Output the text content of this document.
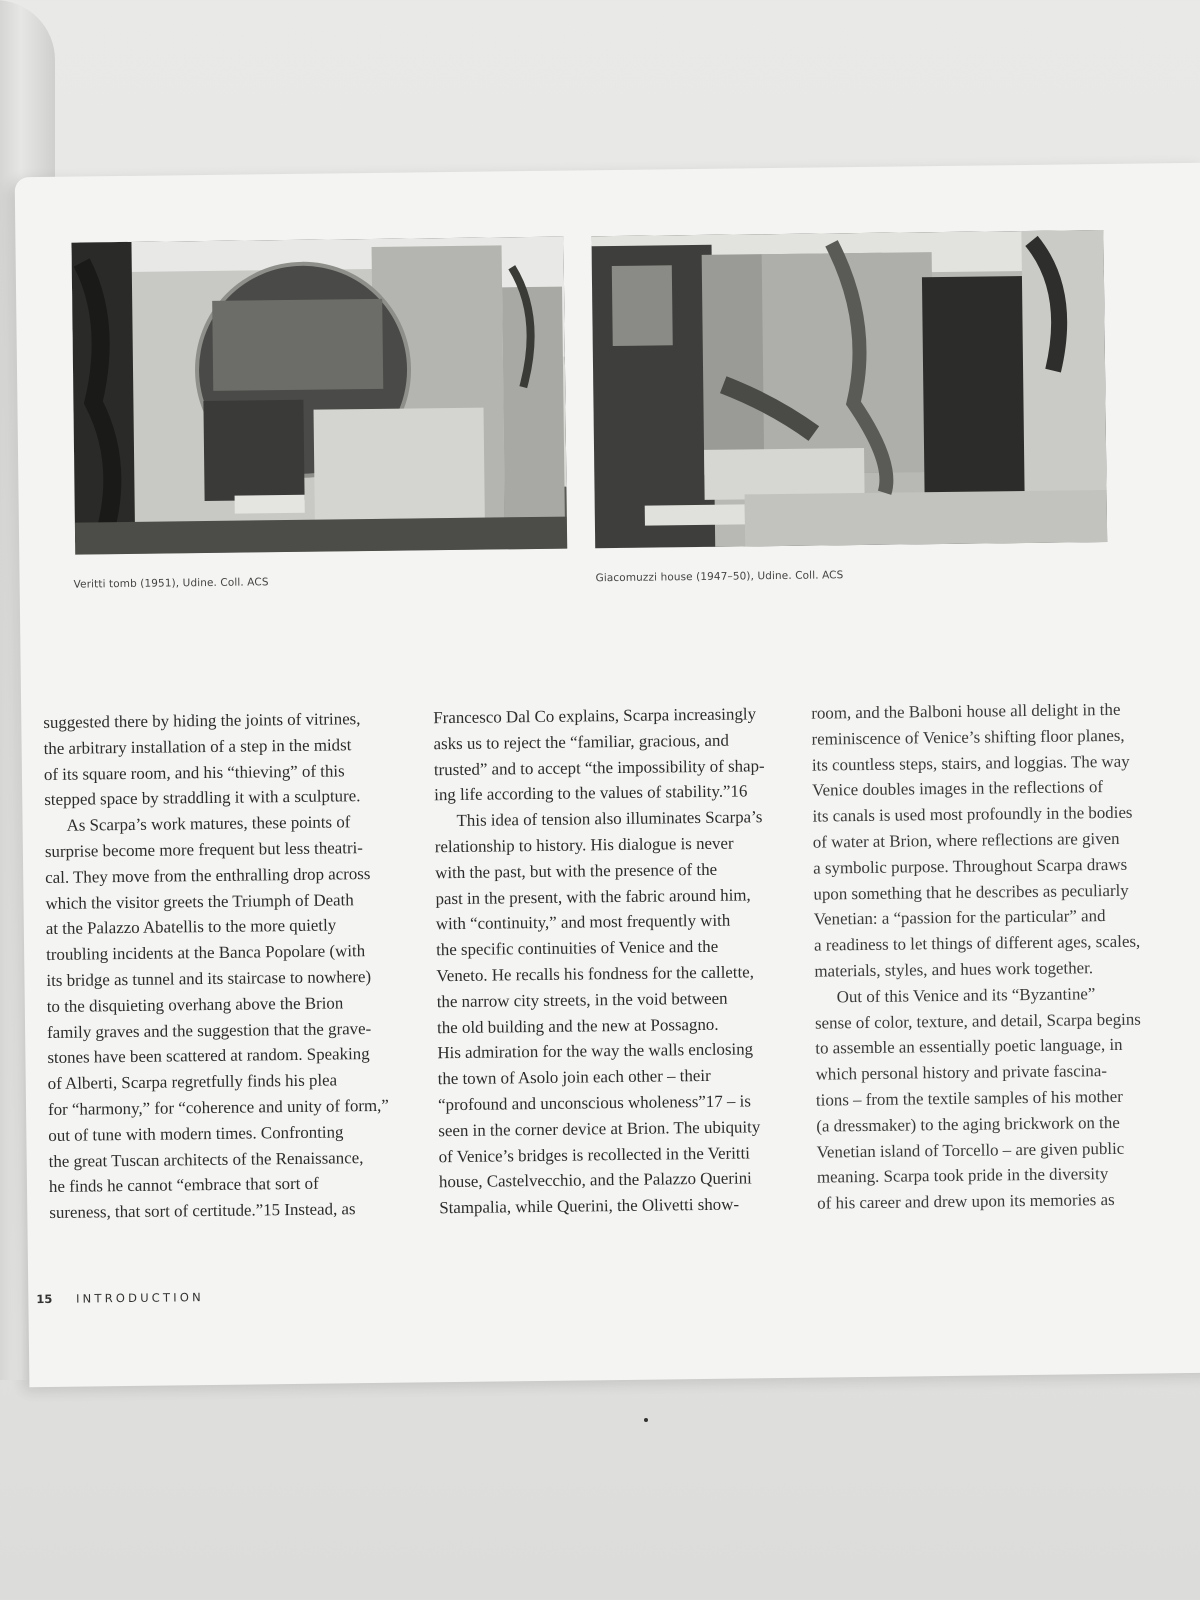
Veritti tomb (1951), Udine. Coll. ACS	Giacomuzzi house (1947–50), Udine. Coll. ACS
suggested there by hiding the joints of vitrines,
the arbitrary installation of a step in the midst
of its square room, and his “thieving” of this
stepped space by straddling it with a sculpture.
As Scarpa’s work matures, these points of
surprise become more frequent but less theatri-
cal. They move from the enthralling drop across
which the visitor greets the Triumph of Death
at the Palazzo Abatellis to the more quietly
troubling incidents at the Banca Popolare (with
its bridge as tunnel and its staircase to nowhere)
to the disquieting overhang above the Brion
family graves and the suggestion that the grave-
stones have been scattered at random. Speaking
of Alberti, Scarpa regretfully finds his plea
for “harmony,” for “coherence and unity of form,”
out of tune with modern times. Confronting
the great Tuscan architects of the Renaissance,
he finds he cannot “embrace that sort of
sureness, that sort of certitude.”15 Instead, as
Francesco Dal Co explains, Scarpa increasingly
asks us to reject the “familiar, gracious, and
trusted” and to accept “the impossibility of shap-
ing life according to the values of stability.”16
This idea of tension also illuminates Scarpa’s
relationship to history. His dialogue is never
with the past, but with the presence of the
past in the present, with the fabric around him,
with “continuity,” and most frequently with
the specific continuities of Venice and the
Veneto. He recalls his fondness for the callette,
the narrow city streets, in the void between
the old building and the new at Possagno.
His admiration for the way the walls enclosing
the town of Asolo join each other – their
“profound and unconscious wholeness”17 – is
seen in the corner device at Brion. The ubiquity
of Venice’s bridges is recollected in the Veritti
house, Castelvecchio, and the Palazzo Querini
Stampalia, while Querini, the Olivetti show-
room, and the Balboni house all delight in the
reminiscence of Venice’s shifting floor planes,
its countless steps, stairs, and loggias. The way
Venice doubles images in the reflections of
its canals is used most profoundly in the bodies
of water at Brion, where reflections are given
a symbolic purpose. Throughout Scarpa draws
upon something that he describes as peculiarly
Venetian: a “passion for the particular” and
a readiness to let things of different ages, scales,
materials, styles, and hues work together.
Out of this Venice and its “Byzantine”
sense of color, texture, and detail, Scarpa begins
to assemble an essentially poetic language, in
which personal history and private fascina-
tions – from the textile samples of his mother
(a dressmaker) to the aging brickwork on the
Venetian island of Torcello – are given public
meaning. Scarpa took pride in the diversity
of his career and drew upon its memories as
15 INTRODUCTION
